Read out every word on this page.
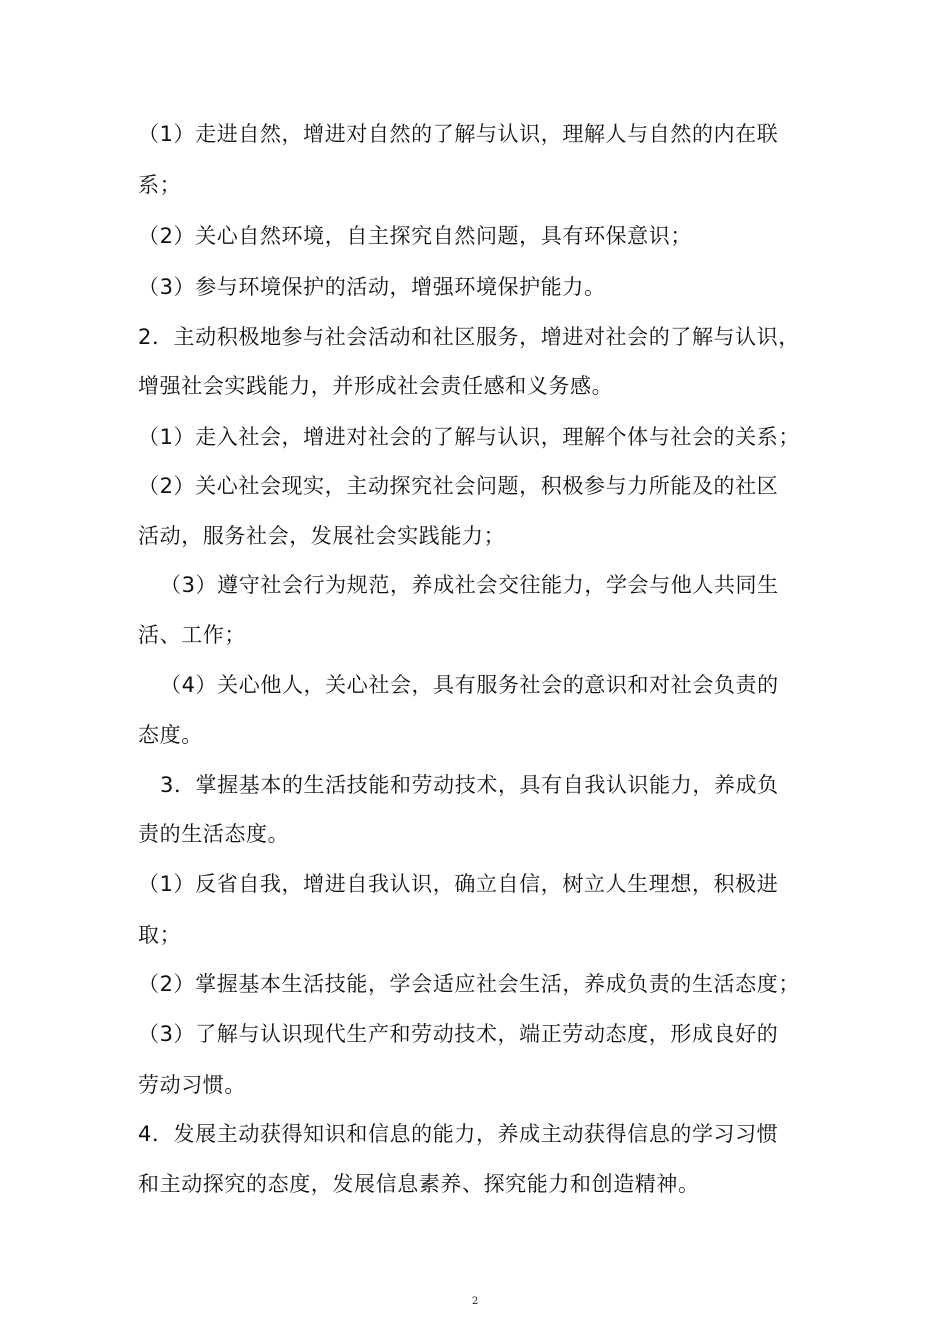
（1）走进自然，增进对自然的了解与认识，理解人与自然的内在联
系；
（2）关心自然环境，自主探究自然问题，具有环保意识；
（3）参与环境保护的活动，增强环境保护能力。
2．主动积极地参与社会活动和社区服务，增进对社会的了解与认识，
增强社会实践能力，并形成社会责任感和义务感。
（1）走入社会，增进对社会的了解与认识，理解个体与社会的关系；
（2）关心社会现实，主动探究社会问题，积极参与力所能及的社区
活动，服务社会，发展社会实践能力；
（3）遵守社会行为规范，养成社会交往能力，学会与他人共同生
活、工作；
（4）关心他人，关心社会，具有服务社会的意识和对社会负责的
态度。
3．掌握基本的生活技能和劳动技术，具有自我认识能力，养成负
责的生活态度。
（1）反省自我，增进自我认识，确立自信，树立人生理想，积极进
取；
（2）掌握基本生活技能，学会适应社会生活，养成负责的生活态度；
（3）了解与认识现代生产和劳动技术，端正劳动态度，形成良好的
劳动习惯。
4．发展主动获得知识和信息的能力，养成主动获得信息的学习习惯
和主动探究的态度，发展信息素养、探究能力和创造精神。
2
